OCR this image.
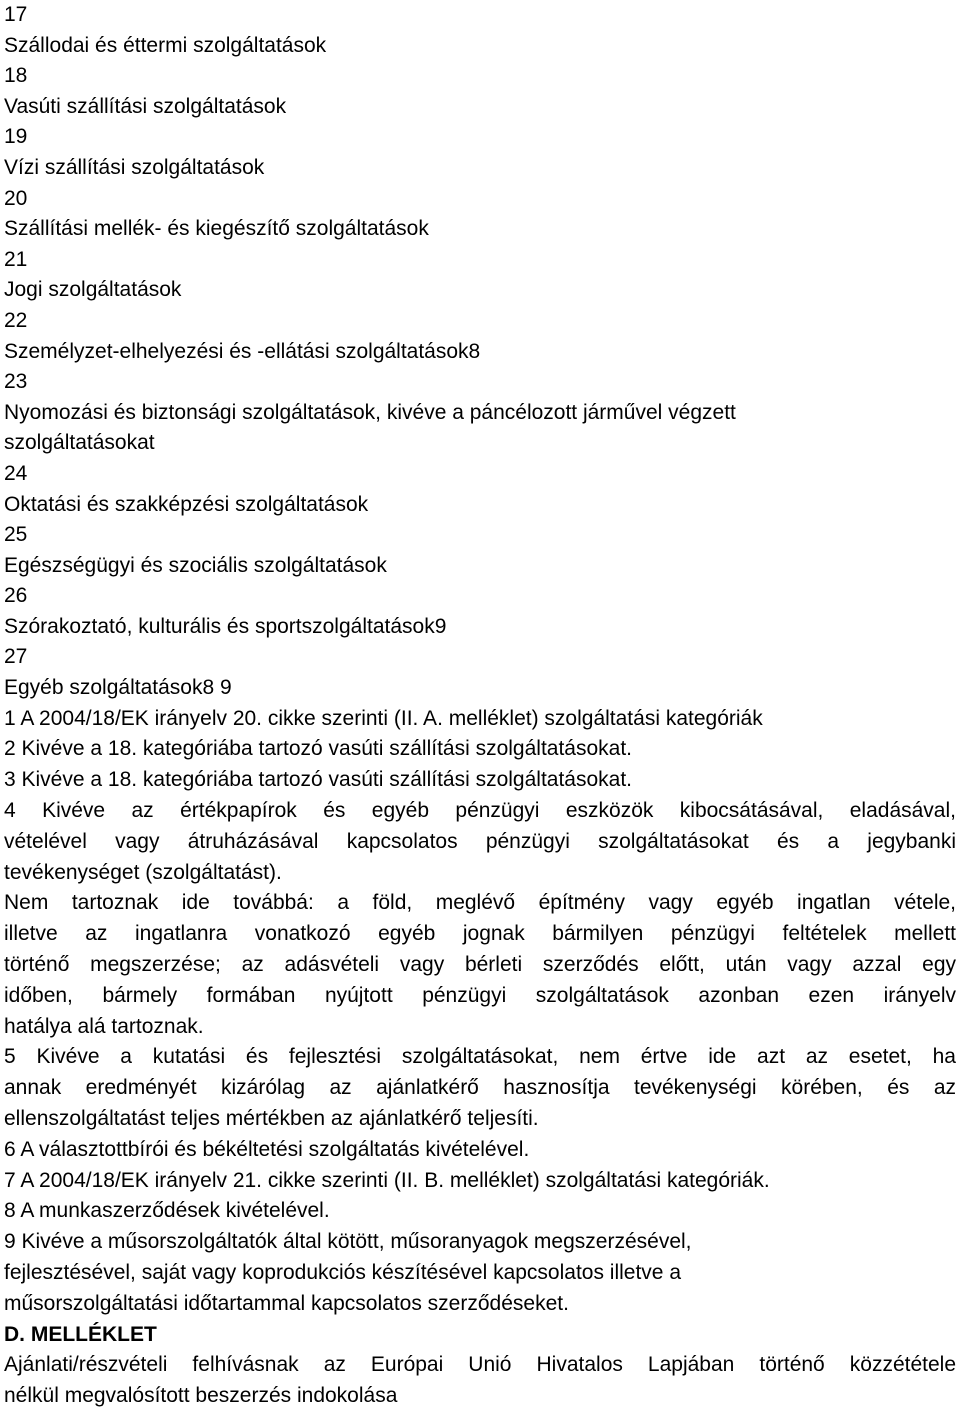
17
Szállodai és éttermi szolgáltatások
18
Vasúti szállítási szolgáltatások
19
Vízi szállítási szolgáltatások
20
Szállítási mellék- és kiegészítő szolgáltatások
21
Jogi szolgáltatások
22
Személyzet-elhelyezési és -ellátási szolgáltatások8
23
Nyomozási és biztonsági szolgáltatások, kivéve a páncélozott járművel végzett
szolgáltatásokat
24
Oktatási és szakképzési szolgáltatások
25
Egészségügyi és szociális szolgáltatások
26
Szórakoztató, kulturális és sportszolgáltatások9
27
Egyéb szolgáltatások8 9
1 A 2004/18/EK irányelv 20. cikke szerinti (II. A. melléklet) szolgáltatási kategóriák
2 Kivéve a 18. kategóriába tartozó vasúti szállítási szolgáltatásokat.
3 Kivéve a 18. kategóriába tartozó vasúti szállítási szolgáltatásokat.
4 Kivéve az értékpapírok és egyéb pénzügyi eszközök kibocsátásával, eladásával,
vételével vagy átruházásával kapcsolatos pénzügyi szolgáltatásokat és a jegybanki
tevékenységet (szolgáltatást).
Nem tartoznak ide továbbá: a föld, meglévő építmény vagy egyéb ingatlan vétele,
illetve az ingatlanra vonatkozó egyéb jognak bármilyen pénzügyi feltételek mellett
történő megszerzése; az adásvételi vagy bérleti szerződés előtt, után vagy azzal egy
időben, bármely formában nyújtott pénzügyi szolgáltatások azonban ezen irányelv
hatálya alá tartoznak.
5 Kivéve a kutatási és fejlesztési szolgáltatásokat, nem értve ide azt az esetet, ha
annak eredményét kizárólag az ajánlatkérő hasznosítja tevékenységi körében, és az
ellenszolgáltatást teljes mértékben az ajánlatkérő teljesíti.
6 A választottbírói és békéltetési szolgáltatás kivételével.
7 A 2004/18/EK irányelv 21. cikke szerinti (II. B. melléklet) szolgáltatási kategóriák.
8 A munkaszerződések kivételével.
9 Kivéve a műsorszolgáltatók által kötött, műsoranyagok megszerzésével,
fejlesztésével, saját vagy koprodukciós készítésével kapcsolatos illetve a
műsorszolgáltatási időtartammal kapcsolatos szerződéseket.
D. MELLÉKLET
Ajánlati/részvételi felhívásnak az Európai Unió Hivatalos Lapjában történő közzététele
nélkül megvalósított beszerzés indokolása
